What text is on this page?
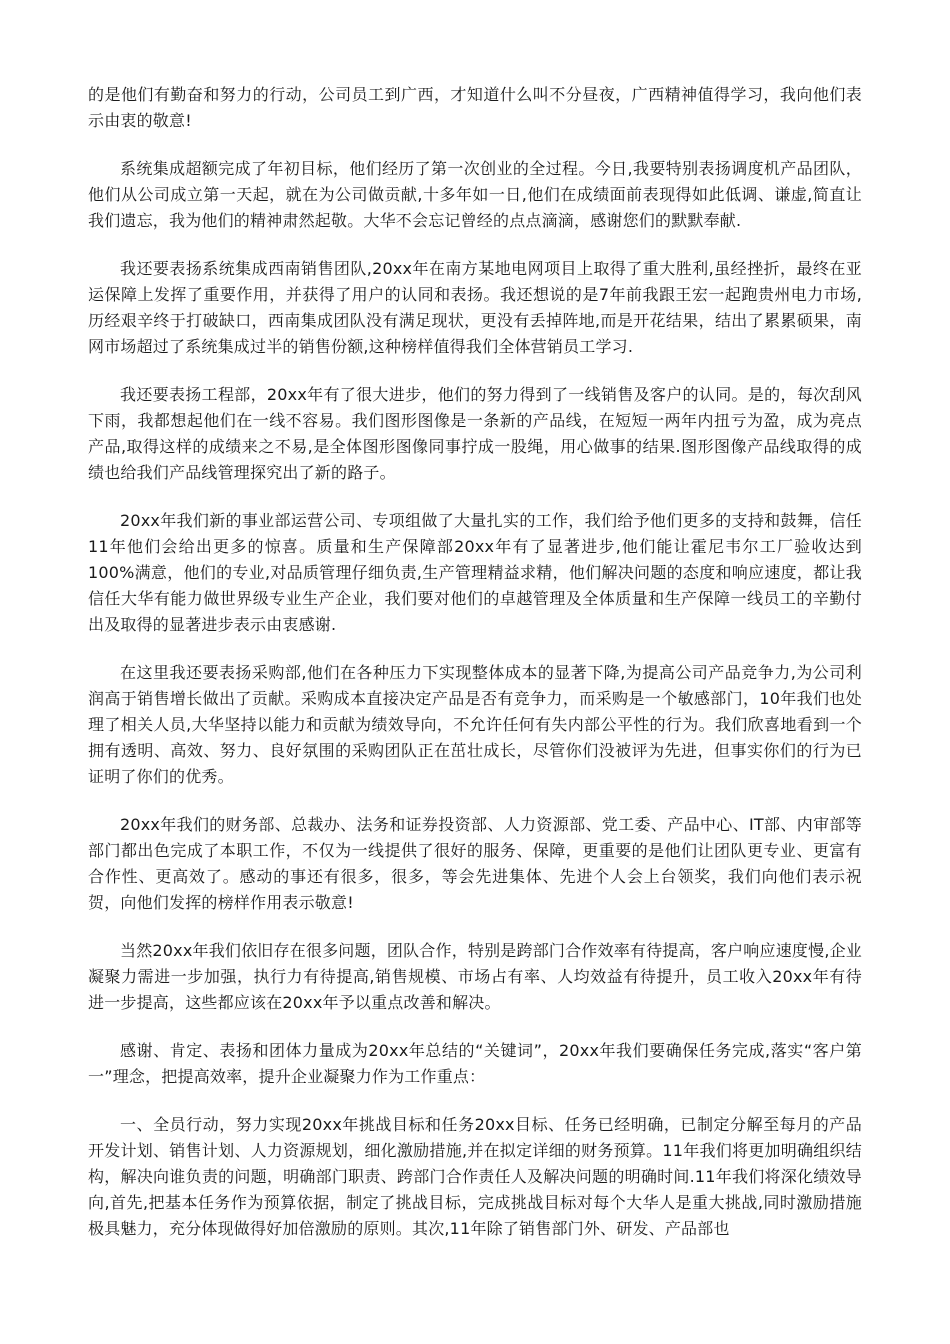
的是他们有勤奋和努力的行动，公司员工到广西，才知道什么叫不分昼夜，广西精神值得学习，我向他们表示由衷的敬意!

系统集成超额完成了年初目标，他们经历了第一次创业的全过程。今日,我要特别表扬调度机产品团队，他们从公司成立第一天起，就在为公司做贡献,十多年如一日,他们在成绩面前表现得如此低调、谦虚,简直让我们遗忘，我为他们的精神肃然起敬。大华不会忘记曾经的点点滴滴，感谢您们的默默奉献.

我还要表扬系统集成西南销售团队,20xx年在南方某地电网项目上取得了重大胜利,虽经挫折，最终在亚运保障上发挥了重要作用，并获得了用户的认同和表扬。我还想说的是7年前我跟王宏一起跑贵州电力市场,历经艰辛终于打破缺口，西南集成团队没有满足现状，更没有丢掉阵地,而是开花结果，结出了累累硕果，南网市场超过了系统集成过半的销售份额,这种榜样值得我们全体营销员工学习.

我还要表扬工程部，20xx年有了很大进步，他们的努力得到了一线销售及客户的认同。是的，每次刮风下雨，我都想起他们在一线不容易。我们图形图像是一条新的产品线，在短短一两年内扭亏为盈，成为亮点产品,取得这样的成绩来之不易,是全体图形图像同事拧成一股绳，用心做事的结果.图形图像产品线取得的成绩也给我们产品线管理探究出了新的路子。

20xx年我们新的事业部运营公司、专项组做了大量扎实的工作，我们给予他们更多的支持和鼓舞，信任11年他们会给出更多的惊喜。质量和生产保障部20xx年有了显著进步,他们能让霍尼韦尔工厂验收达到100%满意，他们的专业,对品质管理仔细负责,生产管理精益求精，他们解决问题的态度和响应速度，都让我信任大华有能力做世界级专业生产企业，我们要对他们的卓越管理及全体质量和生产保障一线员工的辛勤付出及取得的显著进步表示由衷感谢.

在这里我还要表扬采购部,他们在各种压力下实现整体成本的显著下降,为提高公司产品竞争力,为公司利润高于销售增长做出了贡献。采购成本直接决定产品是否有竞争力，而采购是一个敏感部门，10年我们也处理了相关人员,大华坚持以能力和贡献为绩效导向，不允许任何有失内部公平性的行为。我们欣喜地看到一个拥有透明、高效、努力、良好氛围的采购团队正在茁壮成长，尽管你们没被评为先进，但事实你们的行为已证明了你们的优秀。

20xx年我们的财务部、总裁办、法务和证券投资部、人力资源部、党工委、产品中心、IT部、内审部等部门都出色完成了本职工作，不仅为一线提供了很好的服务、保障，更重要的是他们让团队更专业、更富有合作性、更高效了。感动的事还有很多，很多，等会先进集体、先进个人会上台领奖，我们向他们表示祝贺，向他们发挥的榜样作用表示敬意!

当然20xx年我们依旧存在很多问题，团队合作，特别是跨部门合作效率有待提高，客户响应速度慢,企业凝聚力需进一步加强，执行力有待提高,销售规模、市场占有率、人均效益有待提升，员工收入20xx年有待进一步提高，这些都应该在20xx年予以重点改善和解决。

感谢、肯定、表扬和团体力量成为20xx年总结的“关键词”，20xx年我们要确保任务完成,落实“客户第一”理念，把提高效率，提升企业凝聚力作为工作重点：

一、全员行动，努力实现20xx年挑战目标和任务20xx目标、任务已经明确，已制定分解至每月的产品开发计划、销售计划、人力资源规划，细化激励措施,并在拟定详细的财务预算。11年我们将更加明确组织结构，解决向谁负责的问题，明确部门职责、跨部门合作责任人及解决问题的明确时间.11年我们将深化绩效导向,首先,把基本任务作为预算依据，制定了挑战目标，完成挑战目标对每个大华人是重大挑战,同时激励措施极具魅力，充分体现做得好加倍激励的原则。其次,11年除了销售部门外、研发、产品部也
